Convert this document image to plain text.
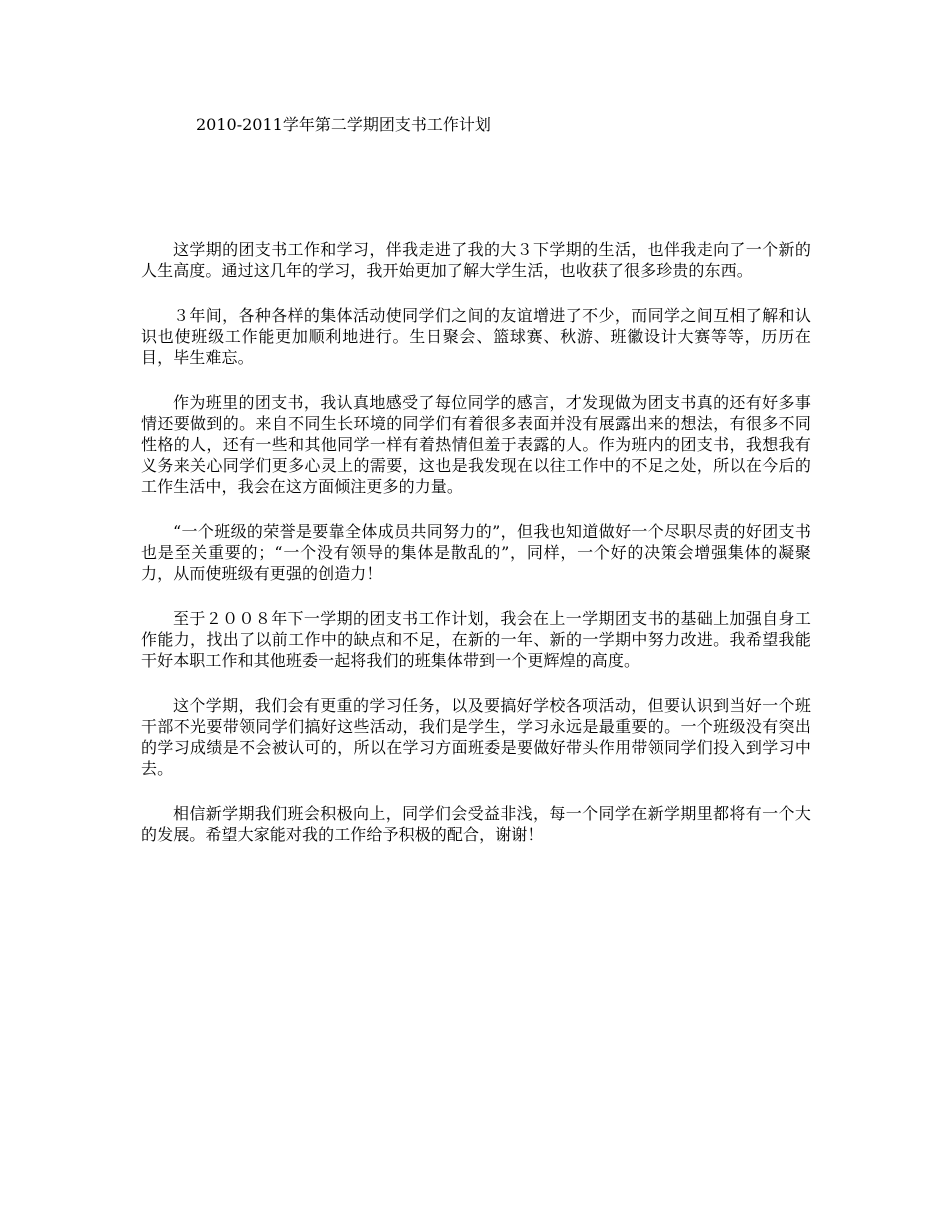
2010-2011学年第二学期团支书工作计划

这学期的团支书工作和学习，伴我走进了我的大３下学期的生活，也伴我走向了一个新的人生高度。通过这几年的学习，我开始更加了解大学生活，也收获了很多珍贵的东西。

３年间，各种各样的集体活动使同学们之间的友谊增进了不少，而同学之间互相了解和认识也使班级工作能更加顺利地进行。生日聚会、篮球赛、秋游、班徽设计大赛等等，历历在目，毕生难忘。

作为班里的团支书，我认真地感受了每位同学的感言，才发现做为团支书真的还有好多事情还要做到的。来自不同生长环境的同学们有着很多表面并没有展露出来的想法，有很多不同性格的人，还有一些和其他同学一样有着热情但羞于表露的人。作为班内的团支书，我想我有义务来关心同学们更多心灵上的需要，这也是我发现在以往工作中的不足之处，所以在今后的工作生活中，我会在这方面倾注更多的力量。

“一个班级的荣誉是要靠全体成员共同努力的”，但我也知道做好一个尽职尽责的好团支书也是至关重要的；“一个没有领导的集体是散乱的”，同样，一个好的决策会增强集体的凝聚力，从而使班级有更强的创造力！

至于２００８年下一学期的团支书工作计划，我会在上一学期团支书的基础上加强自身工作能力，找出了以前工作中的缺点和不足，在新的一年、新的一学期中努力改进。我希望我能干好本职工作和其他班委一起将我们的班集体带到一个更辉煌的高度。

这个学期，我们会有更重的学习任务，以及要搞好学校各项活动，但要认识到当好一个班干部不光要带领同学们搞好这些活动，我们是学生，学习永远是最重要的。一个班级没有突出的学习成绩是不会被认可的，所以在学习方面班委是要做好带头作用带领同学们投入到学习中去。

相信新学期我们班会积极向上，同学们会受益非浅，每一个同学在新学期里都将有一个大的发展。希望大家能对我的工作给予积极的配合，谢谢！
